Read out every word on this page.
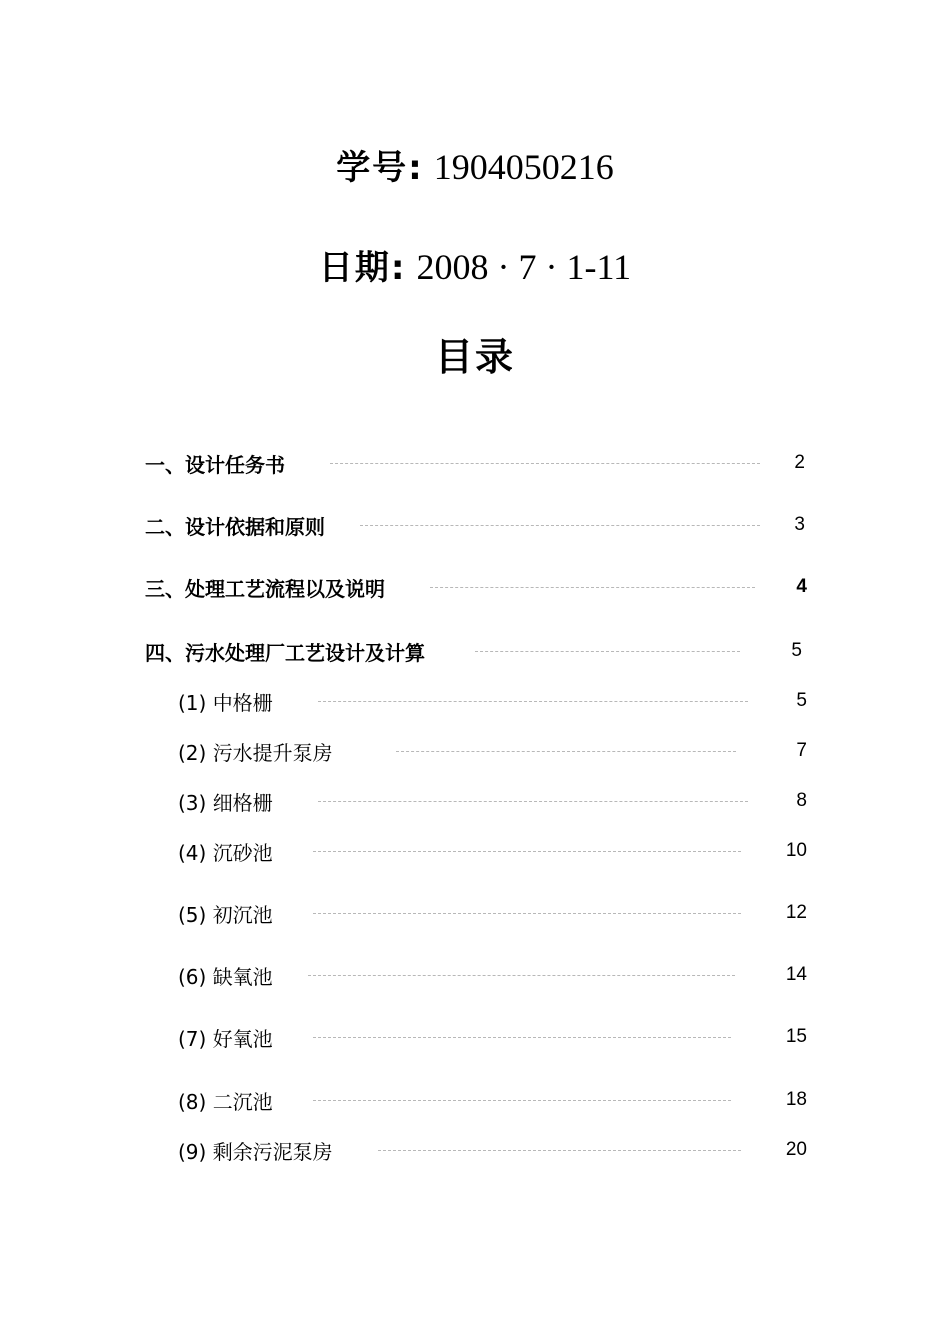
学号: 1904050216
日期: 2008 · 7 · 1-11
目录
一、设计任务书	2
二、设计依据和原则	3
三、处理工艺流程以及说明	4
四、污水处理厂工艺设计及计算	5
(1) 中格栅	5
(2) 污水提升泵房	7
(3) 细格栅	8
(4) 沉砂池	10
(5) 初沉池	12
(6) 缺氧池	14
(7) 好氧池	15
(8) 二沉池	18
(9) 剩余污泥泵房	20
